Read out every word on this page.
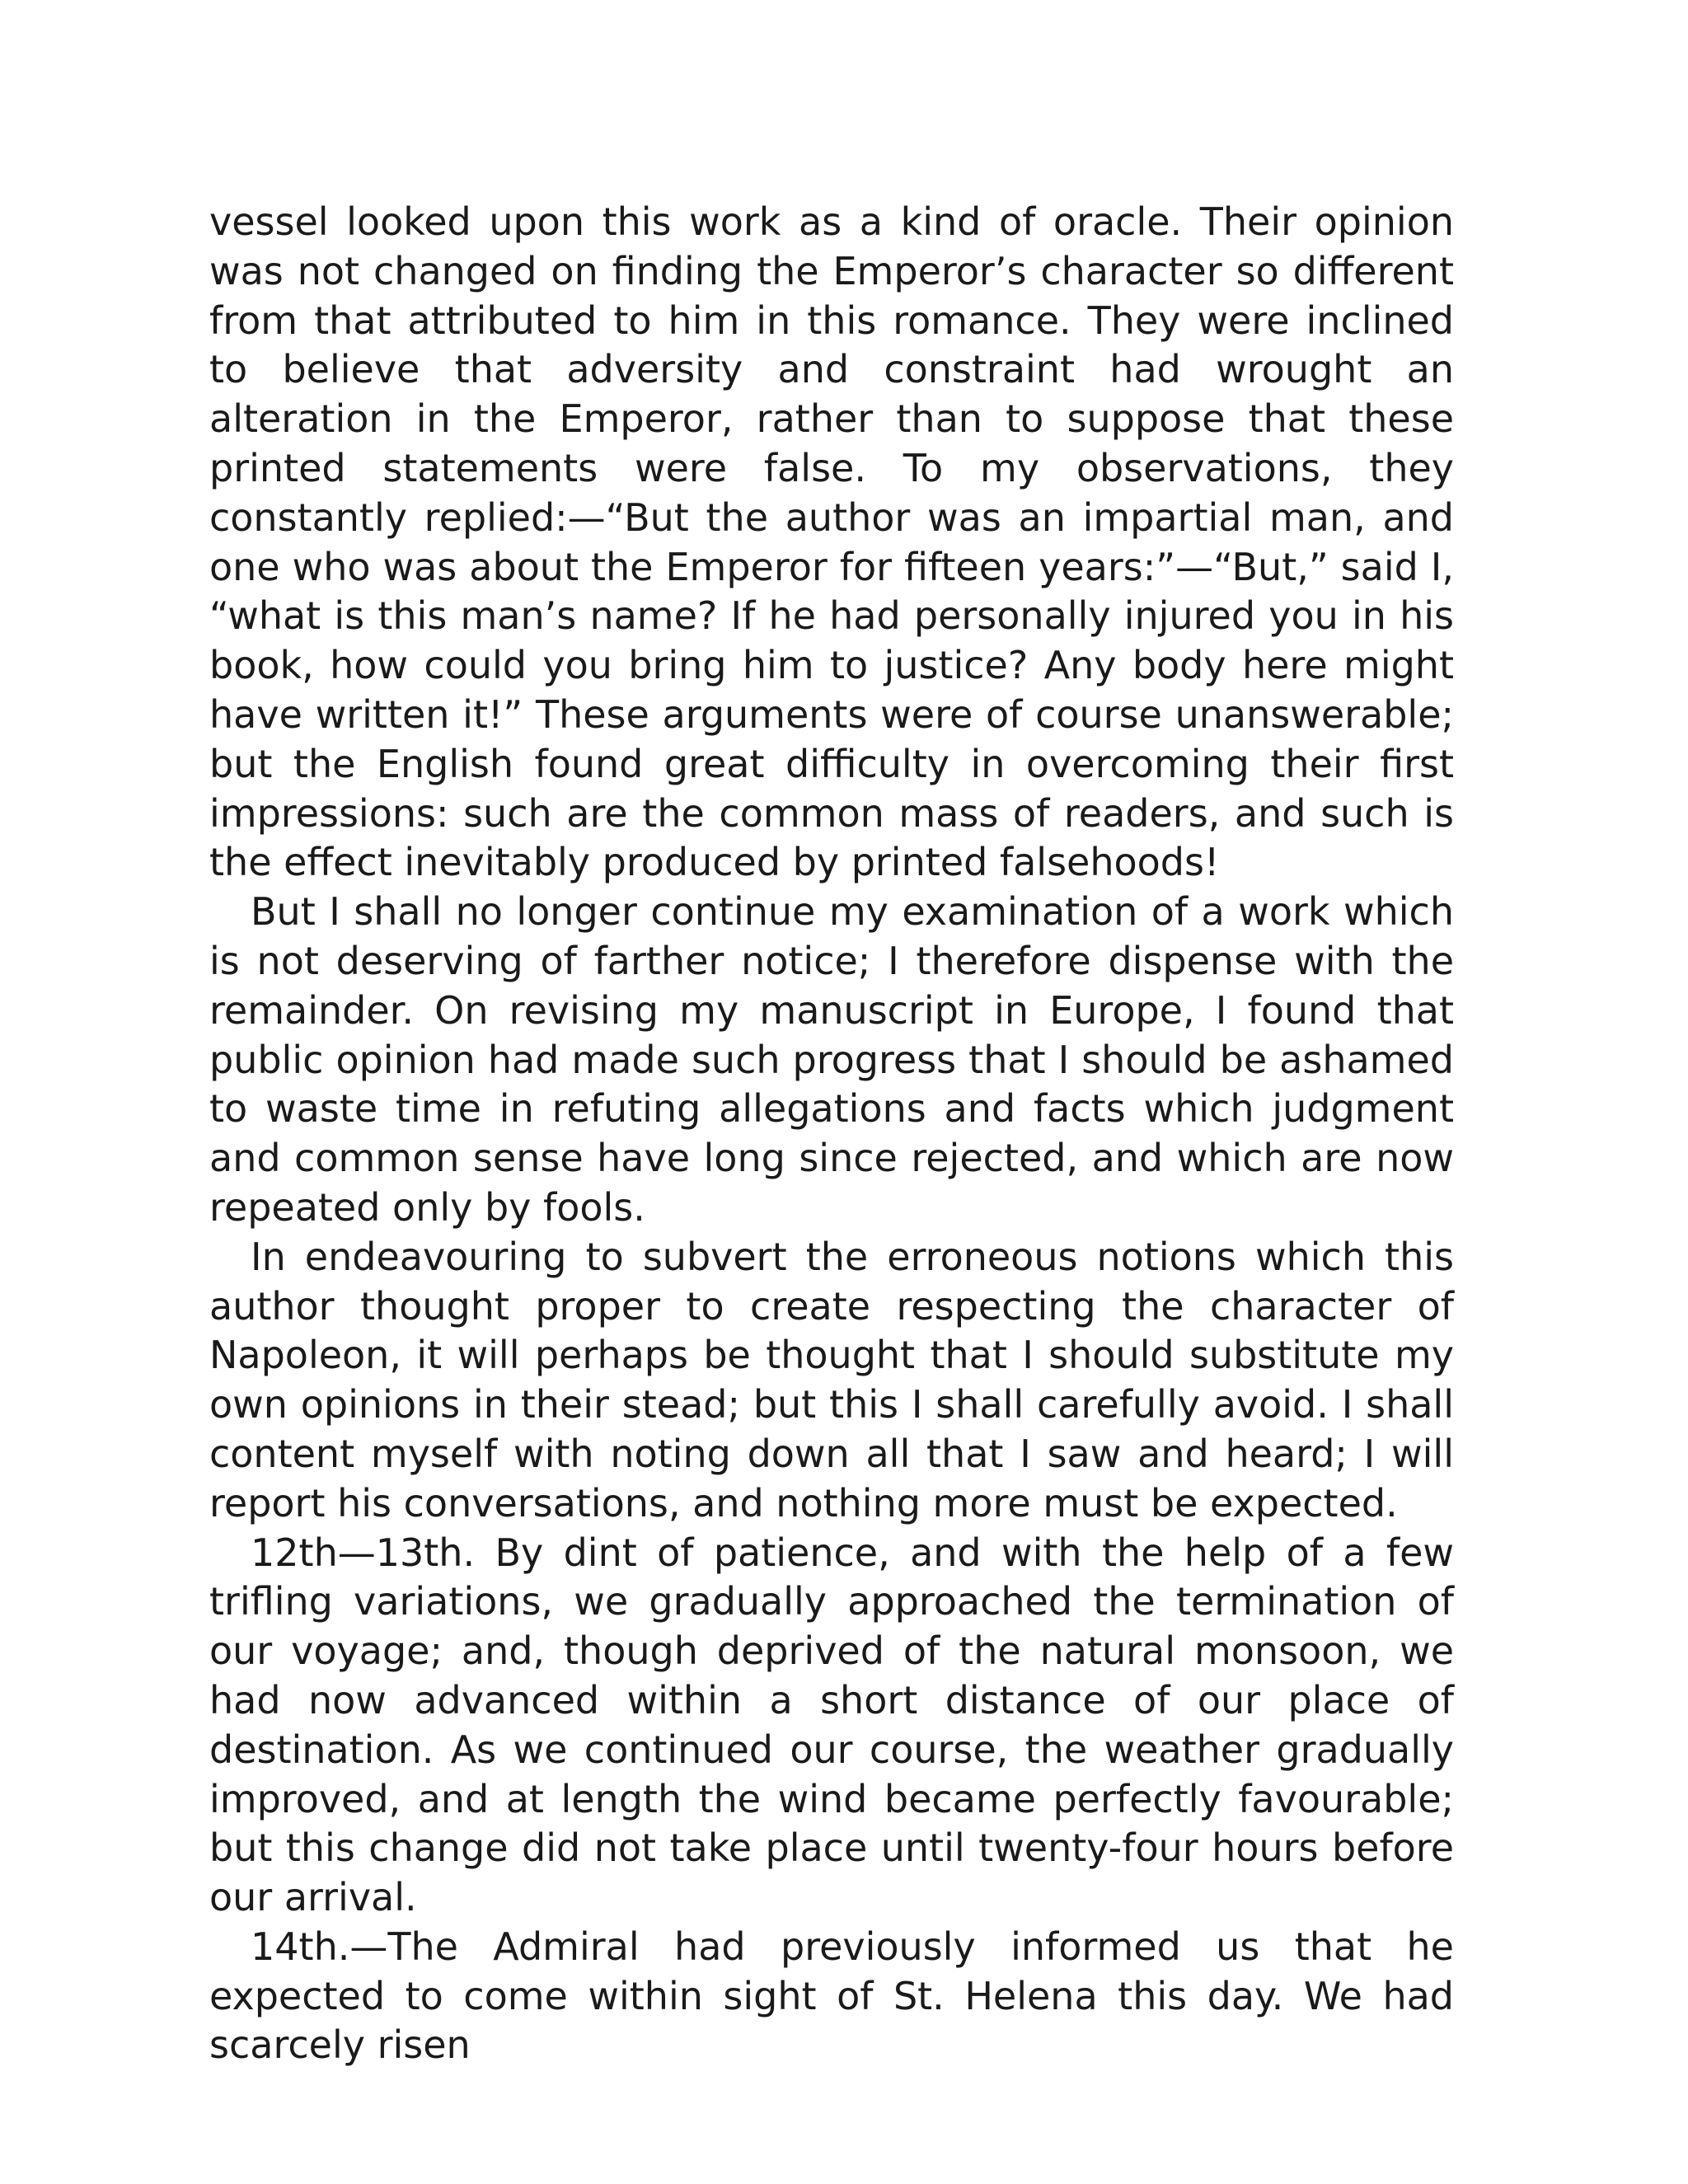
vessel looked upon this work as a kind of oracle. Their opinion was not changed on finding the Emperor’s character so different from that attributed to him in this romance. They were inclined to believe that adversity and constraint had wrought an alteration in the Emperor, rather than to suppose that these printed statements were false. To my observations, they constantly replied:—“But the author was an impartial man, and one who was about the Emperor for fifteen years:”—“But,” said I, “what is this man’s name? If he had personally injured you in his book, how could you bring him to justice? Any body here might have written it!” These arguments were of course unanswerable; but the English found great difficulty in overcoming their first impressions: such are the common mass of readers, and such is the effect inevitably produced by printed falsehoods!

But I shall no longer continue my examination of a work which is not deserving of farther notice; I therefore dispense with the remainder. On revising my manuscript in Europe, I found that public opinion had made such progress that I should be ashamed to waste time in refuting allegations and facts which judgment and common sense have long since rejected, and which are now repeated only by fools.

In endeavouring to subvert the erroneous notions which this author thought proper to create respecting the character of Napoleon, it will perhaps be thought that I should substitute my own opinions in their stead; but this I shall carefully avoid. I shall content myself with noting down all that I saw and heard; I will report his conversations, and nothing more must be expected.

12th—13th. By dint of patience, and with the help of a few trifling variations, we gradually approached the termination of our voyage; and, though deprived of the natural monsoon, we had now advanced within a short distance of our place of destination. As we continued our course, the weather gradually improved, and at length the wind became perfectly favourable; but this change did not take place until twenty-four hours before our arrival.

14th.—The Admiral had previously informed us that he expected to come within sight of St. Helena this day. We had scarcely risen
